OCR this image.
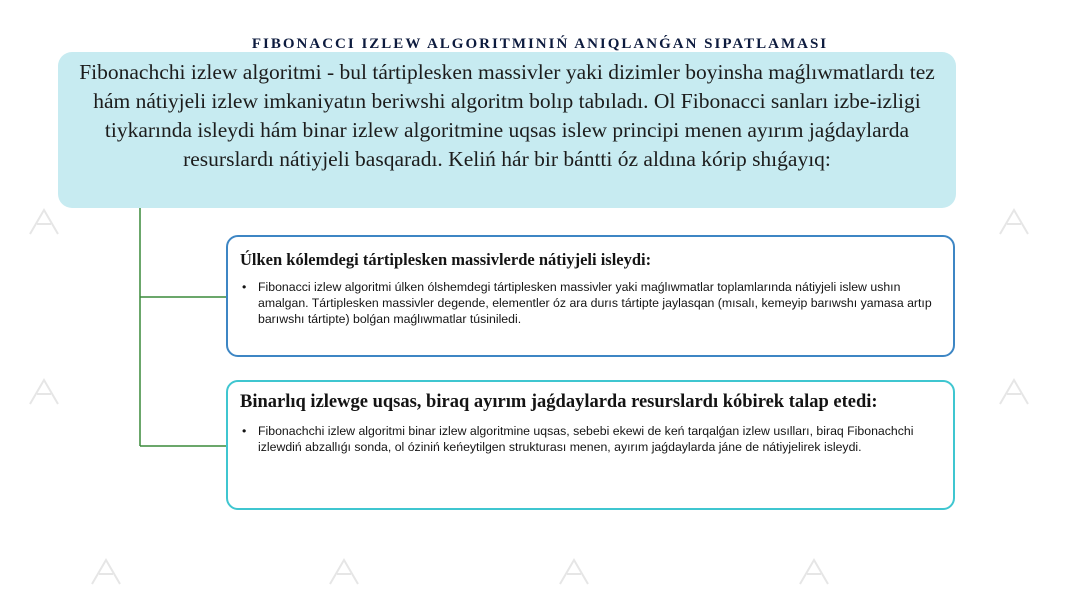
FIBONACCI IZLEW ALGORITMINIŃ ANIQLANǴAN SIPATLAMASI
Fibonachchi izlew algoritmi - bul tártiplesken massivler yaki dizimler boyinsha maǵlıwmatlardı tez hám nátiyjeli izlew imkaniyatın beriwshi algoritm bolıp tabıladı. Ol Fibonacci sanları izbe-izligi tiykarında isleydi hám binar izlew algoritmine uqsas islew principi menen ayırım jaǵdaylarda resurslardı nátiyjeli basqaradı. Keliń hár bir bántti óz aldına kórip shıǵayıq:
Úlken kólemdegi tártiplesken massivlerde nátiyjeli isleydi:
• Fibonacci izlew algoritmi úlken ólshemdegi tártiplesken massivler yaki maǵlıwmatlar toplamlarında nátiyjeli islew ushın amalgan. Tártiplesken massivler degende, elementler óz ara durıs tártipte jaylasqan (mısalı, kemeyip barıwshı yamasa artıp barıwshı tártipte) bolǵan maǵlıwmatlar túsiniledi.
Binarlıq izlewge uqsas, biraq ayırım jaǵdaylarda resurslardı kóbirek talap etedi:
• Fibonachchi izlew algoritmi binar izlew algoritmine uqsas, sebebi ekewi de keń tarqalǵan izlew usılları, biraq Fibonachchi izlewdiń abzallıǵı sonda, ol óziniń keńeytilgen strukturası menen, ayırım jaǵdaylarda jáne de nátiyjelirek isleydi.
